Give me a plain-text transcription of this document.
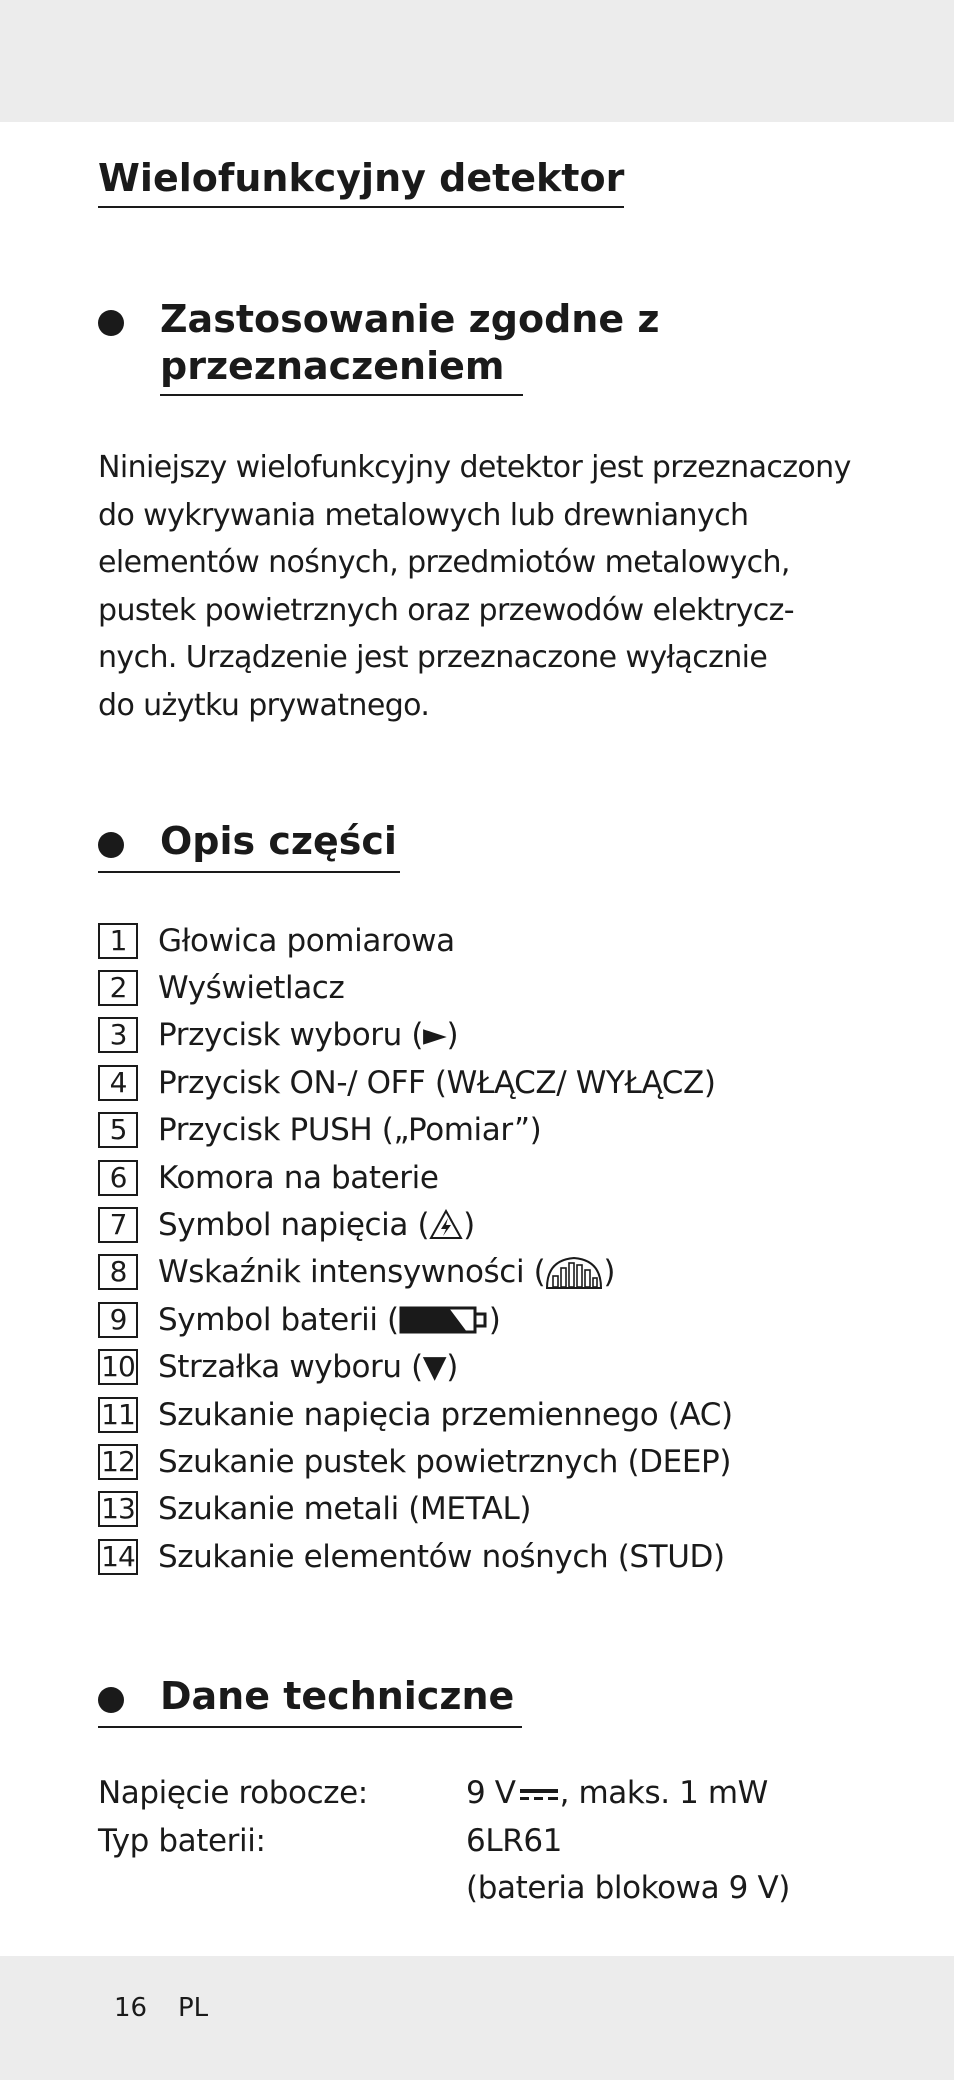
Wielofunkcyjny detektor
Zastosowanie zgodne z
przeznaczeniem
Niniejszy wielofunkcyjny detektor jest przeznaczony
do wykrywania metalowych lub drewnianych
elementów nośnych, przedmiotów metalowych,
pustek powietrznych oraz przewodów elektrycz-
nych. Urządzenie jest przeznaczone wyłącznie
do użytku prywatnego.
Opis części
1	Głowica pomiarowa
2	Wyświetlacz
3	Przycisk wyboru (►)
4	Przycisk ON-/ OFF (WŁĄCZ/ WYŁĄCZ)
5	Przycisk PUSH („Pomiar”)
6	Komora na baterie
7	Symbol napięcia ( )
8	Wskaźnik intensywności ( )
9	Symbol baterii (	)
10 Strzałka wyboru (▼)
11 Szukanie napięcia przemiennego (AC)
12 Szukanie pustek powietrznych (DEEP)
13 Szukanie metali (METAL)
14 Szukanie elementów nośnych (STUD)
Dane techniczne
Napięcie robocze:	9 V , maks. 1 mW
Typ baterii:	6LR61
(bateria blokowa 9 V)
16 PL
